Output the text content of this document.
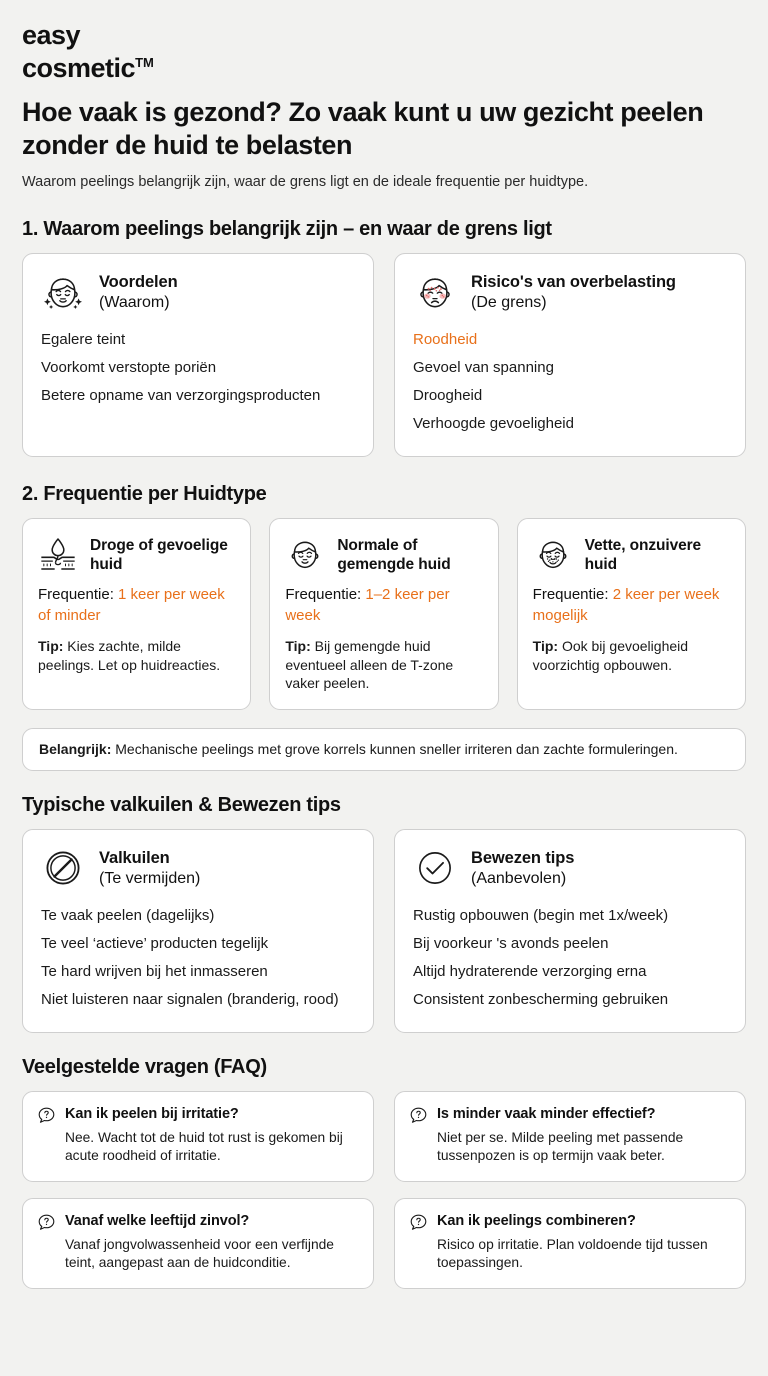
easy
cosmetic™
Hoe vaak is gezond? Zo vaak kunt u uw gezicht peelen zonder de huid te belasten

Waarom peelings belangrijk zijn, waar de grens ligt en de ideale frequentie per huidtype.

1. Waarom peelings belangrijk zijn – en waar de grens ligt
Voordelen
(Waarom)
Egalere teint
Voorkomt verstopte poriën
Betere opname van verzorgingsproducten
Risico's van overbelasting
(De grens)
Roodheid
Gevoel van spanning
Droogheid
Verhoogde gevoeligheid
2. Frequentie per Huidtype
Droge of gevoelige huid
Frequentie: 1 keer per week of minder
Tip: Kies zachte, milde peelings. Let op huidreacties.
Normale of gemengde huid
Frequentie: 1–2 keer per week
Tip: Bij gemengde huid eventueel alleen de T-zone vaker peelen.
Vette, onzuivere huid
Frequentie: 2 keer per week mogelijk
Tip: Ook bij gevoeligheid voorzichtig opbouwen.
Belangrijk: Mechanische peelings met grove korrels kunnen sneller irriteren dan zachte formuleringen.
Typische valkuilen & Bewezen tips
Valkuilen
(Te vermijden)
Te vaak peelen (dagelijks)
Te veel ‘actieve’ producten tegelijk
Te hard wrijven bij het inmasseren
Niet luisteren naar signalen (branderig, rood)
Bewezen tips
(Aanbevolen)
Rustig opbouwen (begin met 1x/week)
Bij voorkeur 's avonds peelen
Altijd hydraterende verzorging erna
Consistent zonbescherming gebruiken
Veelgestelde vragen (FAQ)
Kan ik peelen bij irritatie?
Nee. Wacht tot de huid tot rust is gekomen bij acute roodheid of irritatie.
Is minder vaak minder effectief?
Niet per se. Milde peeling met passende tussenpozen is op termijn vaak beter.
Vanaf welke leeftijd zinvol?
Vanaf jongvolwassenheid voor een verfijnde teint, aangepast aan de huidconditie.
Kan ik peelings combineren?
Risico op irritatie. Plan voldoende tijd tussen toepassingen.
